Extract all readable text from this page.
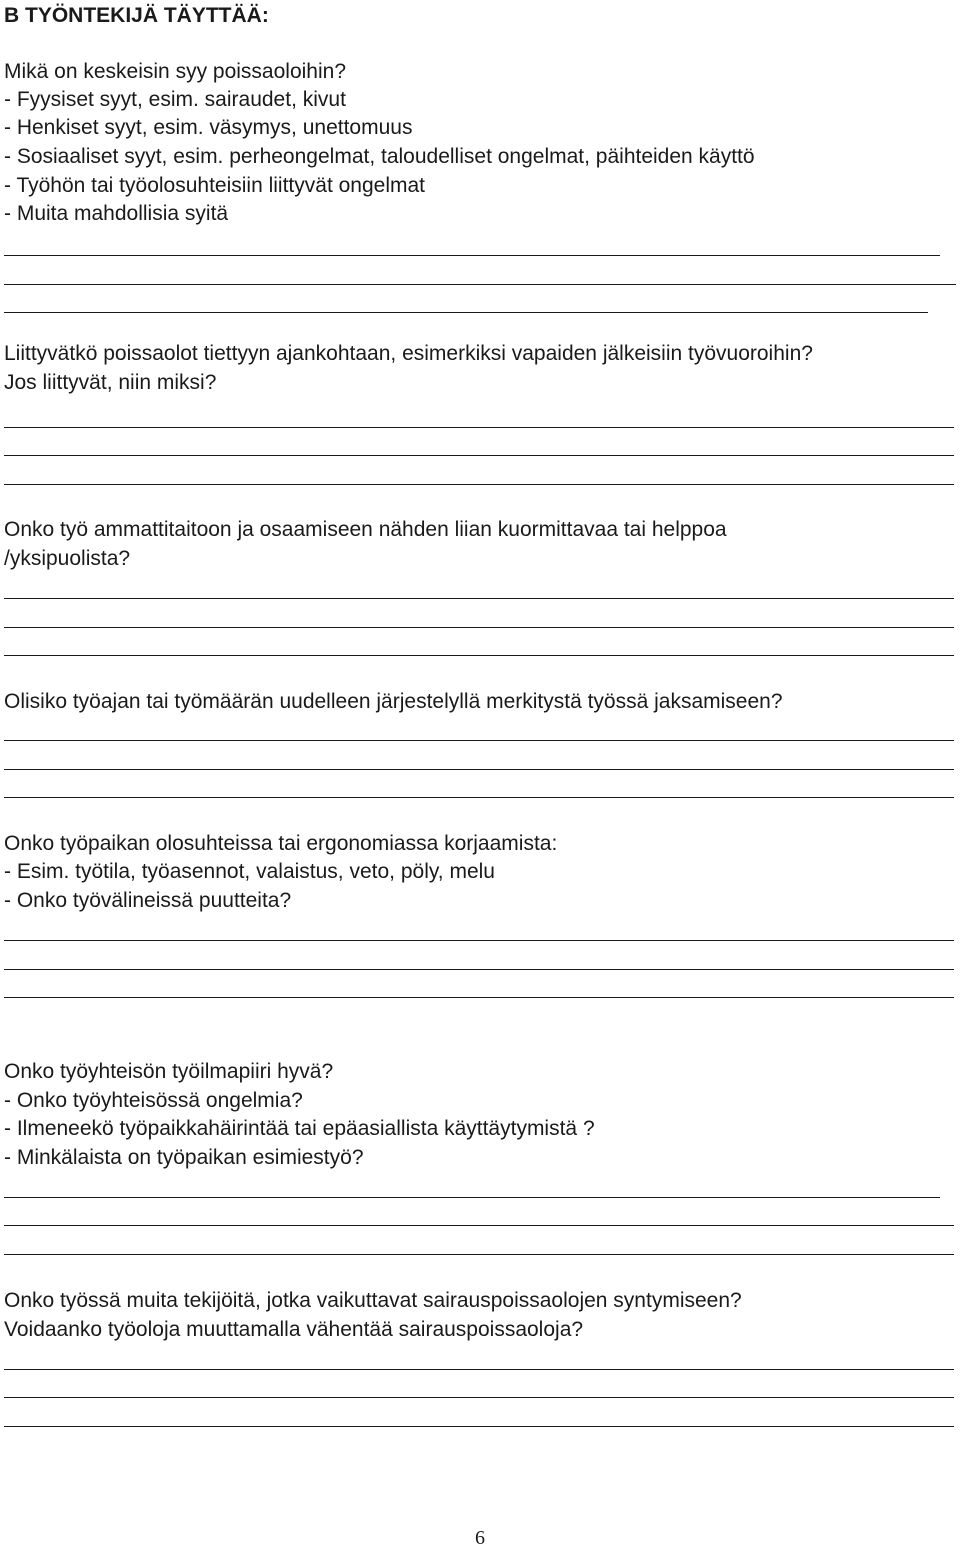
B TYÖNTEKIJÄ TÄYTTÄÄ:
Mikä on keskeisin syy poissaoloihin?
- Fyysiset syyt, esim. sairaudet, kivut
- Henkiset syyt, esim. väsymys, unettomuus
- Sosiaaliset syyt, esim. perheongelmat, taloudelliset ongelmat, päihteiden käyttö
- Työhön tai työolosuhteisiin liittyvät ongelmat
- Muita mahdollisia syitä
Liittyvätkö poissaolot tiettyyn ajankohtaan, esimerkiksi vapaiden jälkeisiin työvuoroihin?
Jos liittyvät, niin miksi?
Onko työ ammattitaitoon ja osaamiseen nähden liian kuormittavaa tai helppoa
/yksipuolista?
Olisiko työajan tai työmäärän uudelleen järjestelyllä merkitystä työssä jaksamiseen?
Onko työpaikan olosuhteissa tai ergonomiassa korjaamista:
- Esim. työtila, työasennot, valaistus, veto, pöly, melu
- Onko työvälineissä puutteita?
Onko työyhteisön työilmapiiri hyvä?
- Onko työyhteisössä ongelmia?
- Ilmeneekö työpaikkahäirintää tai epäasiallista käyttäytymistä ?
- Minkälaista on työpaikan esimiestyö?
Onko työssä muita tekijöitä, jotka vaikuttavat sairauspoissaolojen syntymiseen?
Voidaanko työoloja muuttamalla vähentää sairauspoissaoloja?
6
